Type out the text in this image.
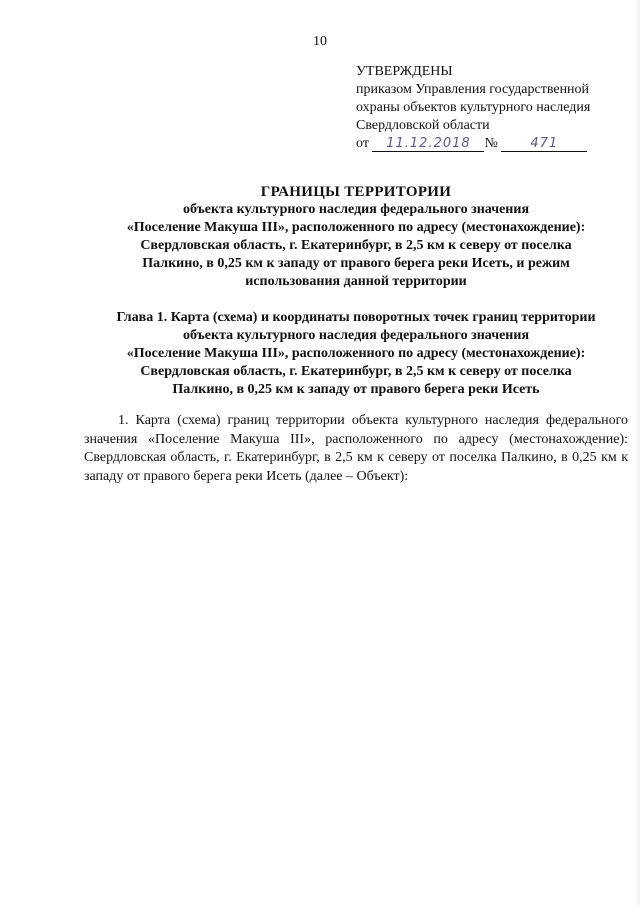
10
УТВЕРЖДЕНЫ
приказом Управления государственной
охраны объектов культурного наследия
Свердловской области
от 11.12.2018 №	471
ГРАНИЦЫ ТЕРРИТОРИИ
объекта культурного наследия федерального значения
«Поселение Макуша III», расположенного по адресу (местонахождение):
Свердловская область, г. Екатеринбург, в 2,5 км к северу от поселка
Палкино, в 0,25 км к западу от правого берега реки Исеть, и режим
использования данной территории
Глава 1. Карта (схема) и координаты поворотных точек границ территории
объекта культурного наследия федерального значения
«Поселение Макуша III», расположенного по адресу (местонахождение):
Свердловская область, г. Екатеринбург, в 2,5 км к северу от поселка
Палкино, в 0,25 км к западу от правого берега реки Исеть
1. Карта (схема) границ территории объекта культурного наследия федерального значения «Поселение Макуша III», расположенного по адресу (местонахождение): Свердловская область, г. Екатеринбург, в 2,5 км к северу от поселка Палкино, в 0,25 км к западу от правого берега реки Исеть (далее – Объект):
